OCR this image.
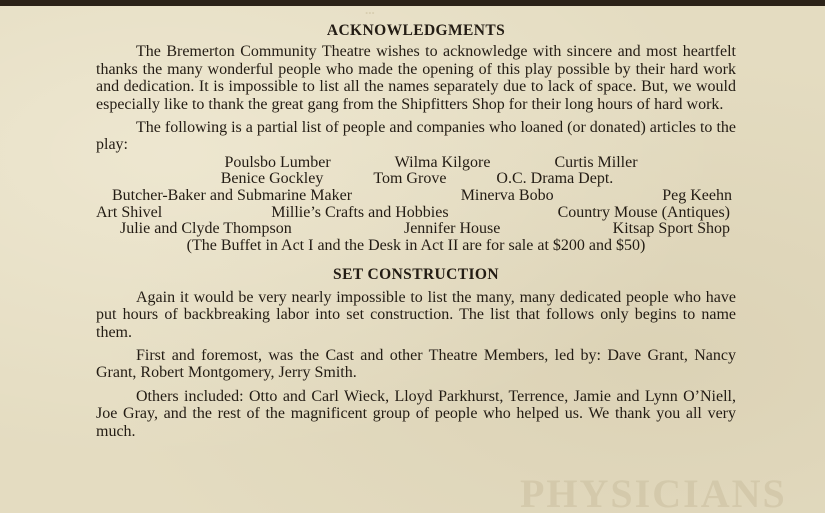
...
PHYSICIANS
ACKNOWLEDGMENTS

The Bremerton Community Theatre wishes to acknowledge with sincere and most heartfelt thanks the many wonderful people who made the opening of this play possible by their hard work and dedication. It is impossible to list all the names separately due to lack of space. But, we would especially like to thank the great gang from the Shipfitters Shop for their long hours of hard work.

The following is a partial list of people and companies who loaned (or donated) articles to the play:

Poulsbo Lumber	Wilma Kilgore	Curtis Miller
Benice Gockley	Tom Grove	O.C. Drama Dept.
Butcher-Baker and Submarine Maker	Minerva Bobo	Peg Keehn
Art Shivel	Millie’s Crafts and Hobbies	Country Mouse (Antiques)
Julie and Clyde Thompson	Jennifer House	Kitsap Sport Shop
(The Buffet in Act I and the Desk in Act II are for sale at $200 and $50)
SET CONSTRUCTION

Again it would be very nearly impossible to list the many, many dedicated people who have put hours of backbreaking labor into set construction. The list that follows only begins to name them.

First and foremost, was the Cast and other Theatre Members, led by: Dave Grant, Nancy Grant, Robert Montgomery, Jerry Smith.

Others included: Otto and Carl Wieck, Lloyd Parkhurst, Terrence, Jamie and Lynn O’Niell, Joe Gray, and the rest of the magnificent group of people who helped us. We thank you all very much.
